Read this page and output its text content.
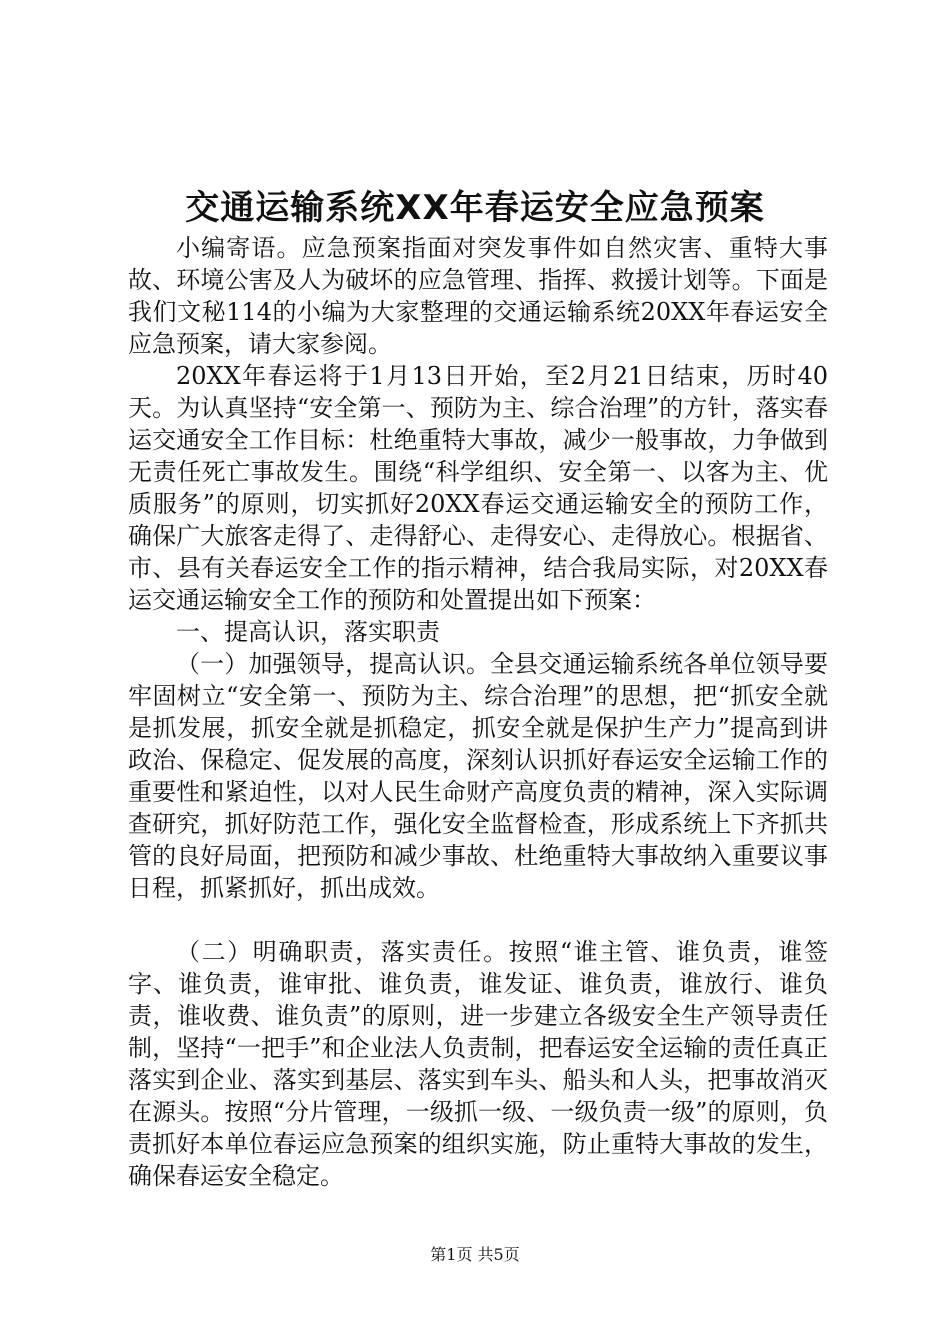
交通运输系统XX年春运安全应急预案

小编寄语。应急预案指面对突发事件如自然灾害、重特大事故、环境公害及人为破坏的应急管理、指挥、救援计划等。下面是我们文秘114的小编为大家整理的交通运输系统20XX年春运安全应急预案，请大家参阅。

20XX年春运将于1月13日开始，至2月21日结束，历时40天。为认真坚持“安全第一、预防为主、综合治理”的方针，落实春运交通安全工作目标：杜绝重特大事故，减少一般事故，力争做到无责任死亡事故发生。围绕“科学组织、安全第一、以客为主、优质服务”的原则，切实抓好20XX春运交通运输安全的预防工作，确保广大旅客走得了、走得舒心、走得安心、走得放心。根据省、市、县有关春运安全工作的指示精神，结合我局实际，对20XX春运交通运输安全工作的预防和处置提出如下预案：

一、提高认识，落实职责

（一）加强领导，提高认识。全县交通运输系统各单位领导要牢固树立“安全第一、预防为主、综合治理”的思想，把“抓安全就是抓发展，抓安全就是抓稳定，抓安全就是保护生产力”提高到讲政治、保稳定、促发展的高度，深刻认识抓好春运安全运输工作的重要性和紧迫性，以对人民生命财产高度负责的精神，深入实际调查研究，抓好防范工作，强化安全监督检查，形成系统上下齐抓共管的良好局面，把预防和减少事故、杜绝重特大事故纳入重要议事日程，抓紧抓好，抓出成效。

（二）明确职责，落实责任。按照“谁主管、谁负责，谁签字、谁负责，谁审批、谁负责，谁发证、谁负责，谁放行、谁负责，谁收费、谁负责”的原则，进一步建立各级安全生产领导责任制，坚持“一把手”和企业法人负责制，把春运安全运输的责任真正落实到企业、落实到基层、落实到车头、船头和人头，把事故消灭在源头。按照“分片管理，一级抓一级、一级负责一级”的原则，负责抓好本单位春运应急预案的组织实施，防止重特大事故的发生，确保春运安全稳定。

第1页 共5页
